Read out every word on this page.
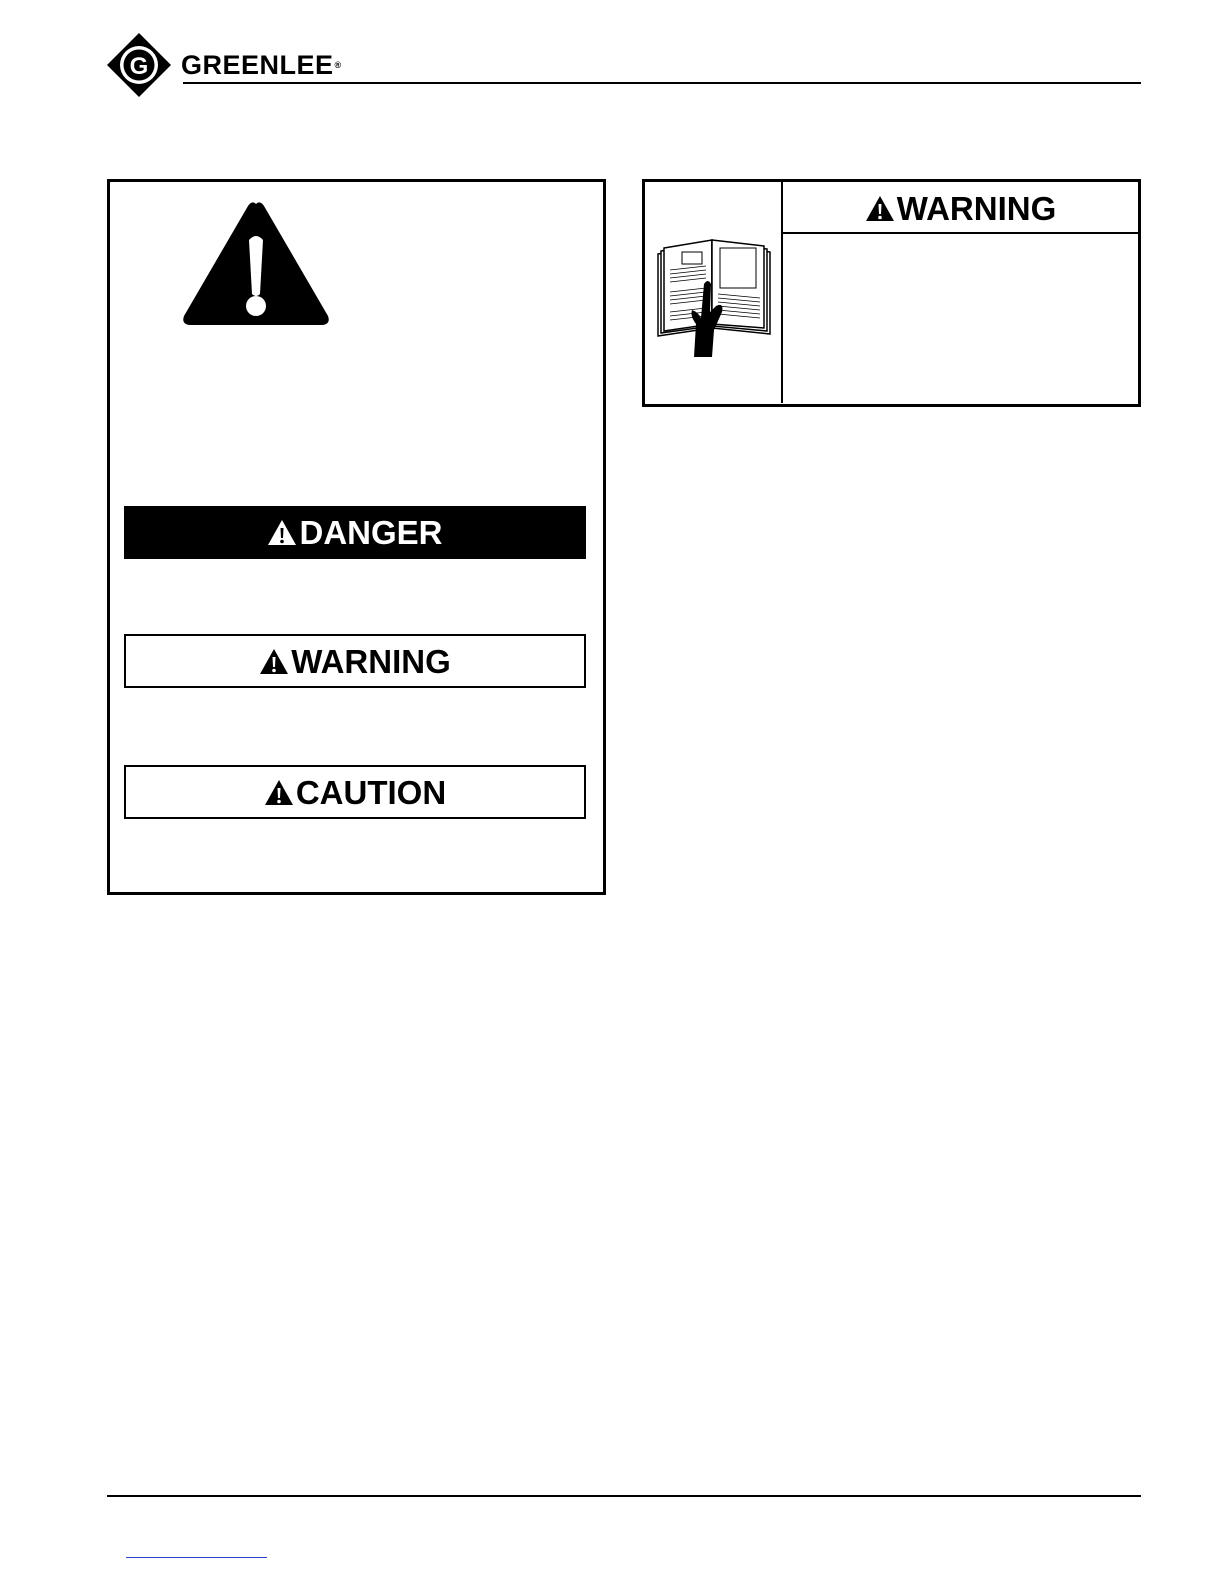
G GREENLEE®
DANGER
WARNING
CAUTION
WARNING
